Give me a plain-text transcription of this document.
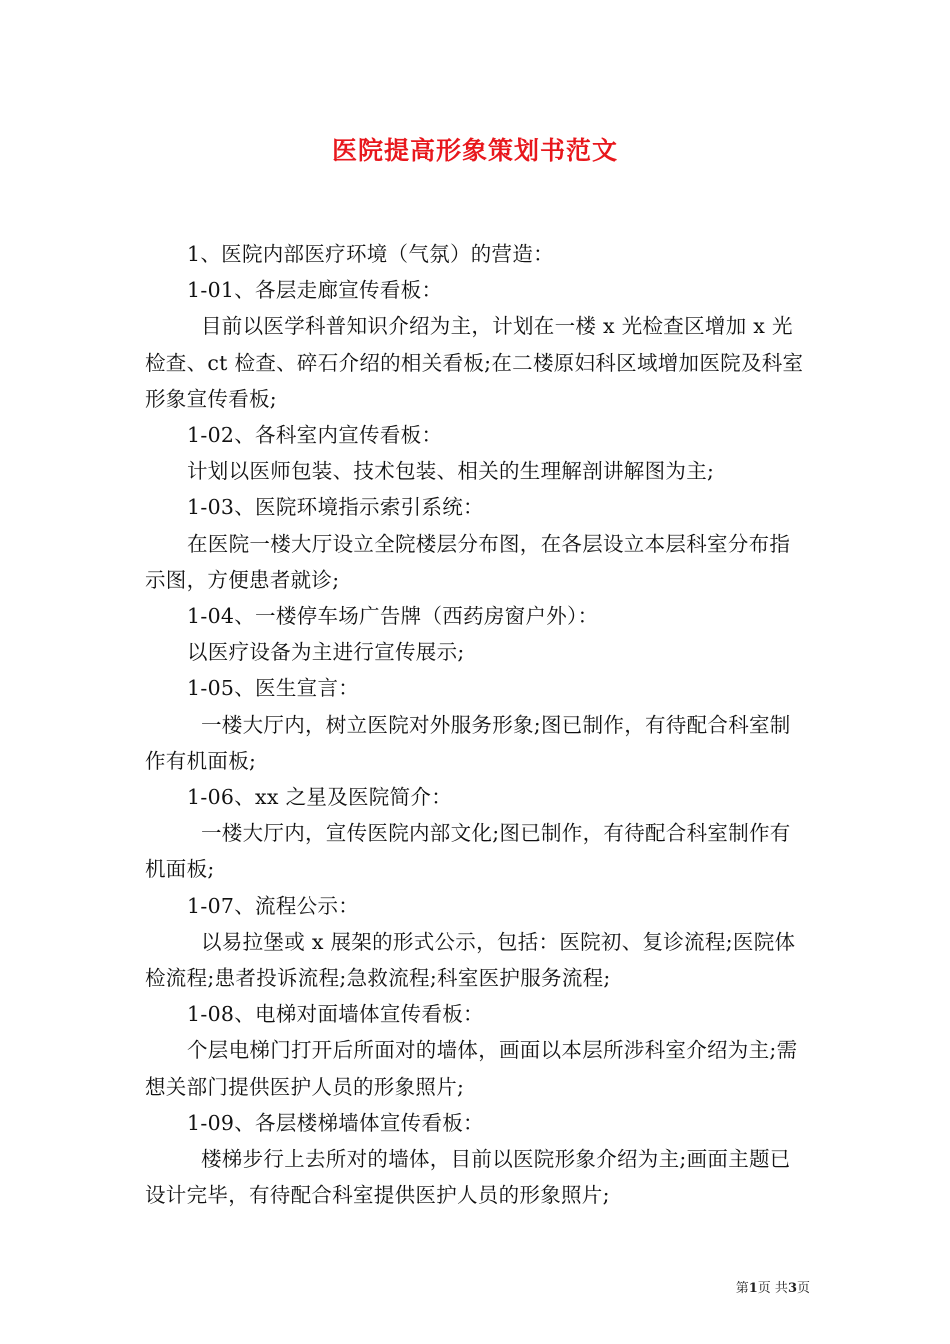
医院提高形象策划书范文

1、医院内部医疗环境（气氛）的营造：

1-01、各层走廊宣传看板：

目前以医学科普知识介绍为主，计划在一楼 x 光检查区增加 x 光检查、ct 检查、碎石介绍的相关看板;在二楼原妇科区域增加医院及科室形象宣传看板;

1-02、各科室内宣传看板：

计划以医师包装、技术包装、相关的生理解剖讲解图为主;

1-03、医院环境指示索引系统：

在医院一楼大厅设立全院楼层分布图，在各层设立本层科室分布指示图，方便患者就诊;

1-04、一楼停车场广告牌（西药房窗户外）：

以医疗设备为主进行宣传展示;

1-05、医生宣言：

一楼大厅内，树立医院对外服务形象;图已制作，有待配合科室制作有机面板;

1-06、xx 之星及医院简介：

一楼大厅内，宣传医院内部文化;图已制作，有待配合科室制作有机面板;

1-07、流程公示：

以易拉堡或 x 展架的形式公示，包括：医院初、复诊流程;医院体检流程;患者投诉流程;急救流程;科室医护服务流程;

1-08、电梯对面墙体宣传看板：

个层电梯门打开后所面对的墙体，画面以本层所涉科室介绍为主;需想关部门提供医护人员的形象照片;

1-09、各层楼梯墙体宣传看板：

楼梯步行上去所对的墙体，目前以医院形象介绍为主;画面主题已设计完毕，有待配合科室提供医护人员的形象照片;

第1页 共3页
